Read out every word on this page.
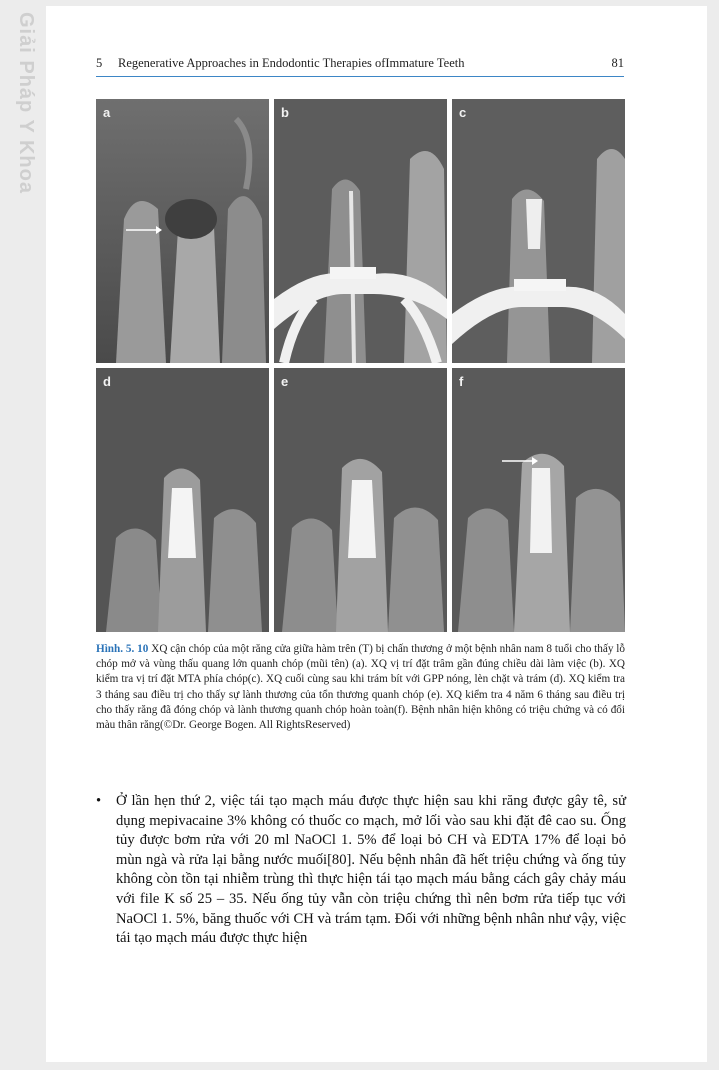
Giải Pháp Y Khoa	5 Regenerative Approaches in Endodontic Therapies ofImmature Teeth	81
a	b	c
d	e	f
Hình. 5. 10 XQ cận chóp của một răng cửa giữa hàm trên (T) bị chấn thương ở một bệnh nhân nam 8 tuổi cho thấy lỗ chóp mở và vùng thấu quang lớn quanh chóp (mũi tên) (a). XQ vị trí đặt trâm gần đúng chiều dài làm việc (b). XQ kiểm tra vị trí đặt MTA phía chóp(c). XQ cuối cùng sau khi trám bít với GPP nóng, lèn chặt và trám (d). XQ kiểm tra 3 tháng sau điều trị cho thấy sự lành thương của tổn thương quanh chóp (e). XQ kiểm tra 4 năm 6 tháng sau điều trị cho thấy răng đã đóng chóp và lành thương quanh chóp hoàn toàn(f). Bệnh nhân hiện không có triệu chứng và có đổi màu thân răng(©Dr. George Bogen. All RightsReserved)
• Ở lần hẹn thứ 2, việc tái tạo mạch máu được thực hiện sau khi răng được gây tê, sử dụng mepivacaine 3% không có thuốc co mạch, mở lối vào sau khi đặt đê cao su. Ống tủy được bơm rửa với 20 ml NaOCl 1. 5% để loại bỏ CH và EDTA 17% để loại bỏ mùn ngà và rửa lại bằng nước muối[80]. Nếu bệnh nhân đã hết triệu chứng và ống tủy không còn tồn tại nhiễm trùng thì thực hiện tái tạo mạch máu bằng cách gây chảy máu với file K số 25 – 35. Nếu ống tủy vẫn còn triệu chứng thì nên bơm rửa tiếp tục với NaOCl 1. 5%, băng thuốc với CH và trám tạm. Đối với những bệnh nhân như vậy, việc tái tạo mạch máu được thực hiện
